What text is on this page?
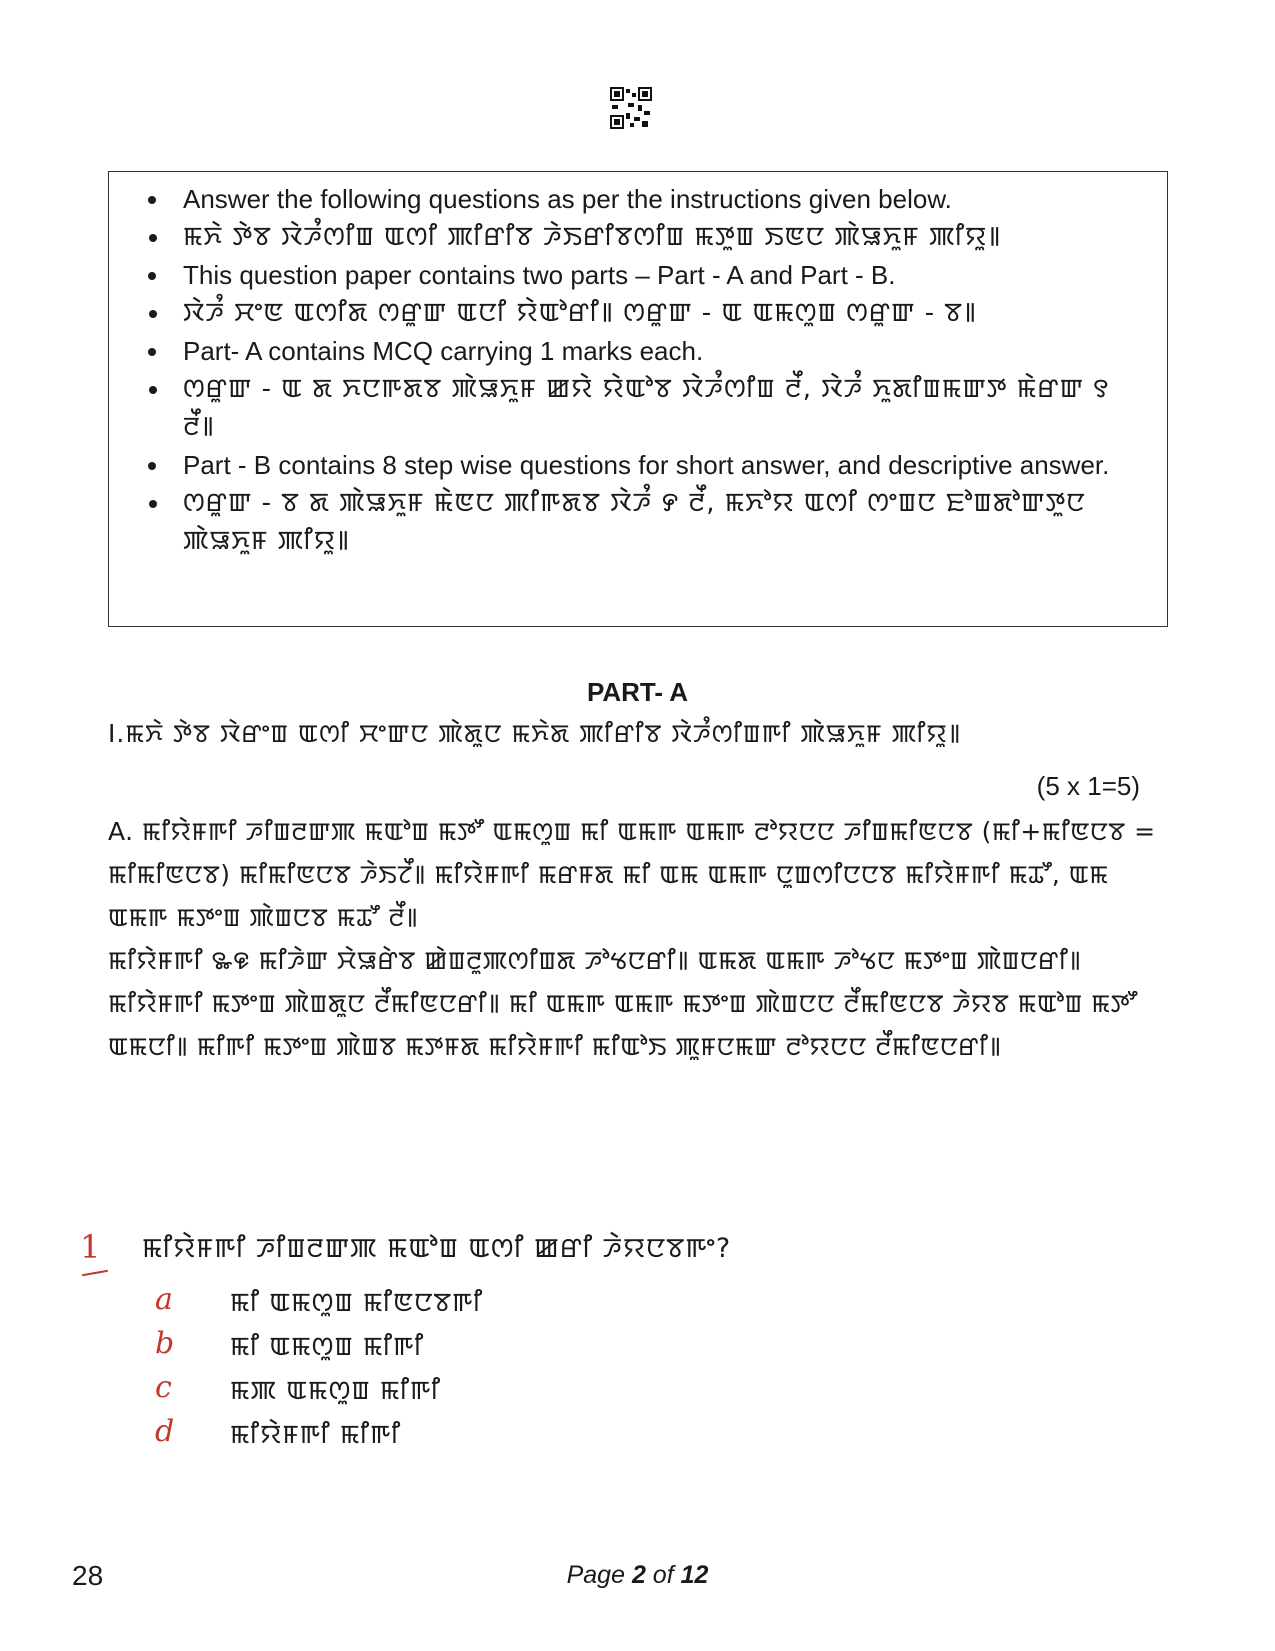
• Answer the following questions as per the instructions given below.
• ꯃꯈꯥ ꯇꯥꯕ ꯋꯥꯍꯪꯁꯤꯡ ꯑꯁꯤ ꯄꯤꯔꯤꯕ ꯍꯥꯏꯔꯤꯕꯁꯤꯡ ꯃꯇꯨꯡ ꯏꯟꯅ ꯄꯥꯎꯈꯨꯝ ꯄꯤꯌꯨ꯫
• This question paper contains two parts – Part - A and Part - B.
• ꯋꯥꯍꯪ ꯆꯦꯟ ꯑꯁꯤꯗ ꯁꯔꯨꯛ ꯑꯅꯤ ꯌꯥꯑꯣꯔꯤ꯫ ꯁꯔꯨꯛ - ꯑ ꯑꯃꯁꯨꯡ ꯁꯔꯨꯛ - ꯕ꯫
• Part- A contains MCQ carrying 1 marks each.
• ꯁꯔꯨꯛ - ꯑ ꯗ ꯈꯅꯒꯗꯕ ꯄꯥꯎꯈꯨꯝ ꯀꯌꯥ ꯌꯥꯑꯣꯕ ꯋꯥꯍꯪꯁꯤꯡ ꯂꯩ, ꯋꯥꯍꯪ ꯈꯨꯗꯤꯡꯃꯛꯇ ꯃꯥꯔꯛ ꯱ ꯂꯩ꯫
• Part - B contains 8 step wise questions for short answer, and descriptive answer.
• ꯁꯔꯨꯛ - ꯕ ꯗ ꯄꯥꯎꯈꯨꯝ ꯃꯥꯟꯅ ꯄꯤꯒꯗꯕ ꯋꯥꯍꯪ ꯸ ꯂꯩ, ꯃꯈꯣꯌ ꯑꯁꯤ ꯁꯦꯡꯅ ꯐꯣꯡꯗꯣꯛꯇꯨꯅ ꯄꯥꯎꯈꯨꯝ ꯄꯤꯌꯨ꯫
PART- A
I.ꯃꯈꯥ ꯇꯥꯕ ꯋꯥꯔꯦꯡ ꯑꯁꯤ ꯆꯦꯛꯅ ꯄꯥꯗꯨꯅ ꯃꯈꯥꯗ ꯄꯤꯔꯤꯕ ꯋꯥꯍꯪꯁꯤꯡꯒꯤ ꯄꯥꯎꯈꯨꯝ ꯄꯤꯌꯨ꯫
(5 x 1=5)

A. ꯃꯤꯌꯥꯝꯒꯤ ꯍꯤꯡꯂꯛꯄ ꯃꯑꯣꯡ ꯃꯇꯧ ꯑꯃꯁꯨꯡ ꯃꯤ ꯑꯃꯒ ꯑꯃꯒ ꯂꯣꯌꯅꯅ ꯍꯤꯡꯃꯤꯟꯅꯕ (ꯃꯤ+ꯃꯤꯟꯅꯕ = ꯃꯤꯃꯤꯟꯅꯕ) ꯃꯤꯃꯤꯟꯅꯕ ꯍꯥꯏꯖꯩ꯫ ꯃꯤꯌꯥꯝꯒꯤ ꯃꯔꯝꯗ ꯃꯤ ꯑꯃ ꯑꯃꯒ ꯅꯨꯡꯁꯤꯅꯅꯕ ꯃꯤꯌꯥꯝꯒꯤ ꯃꯊꯧ, ꯑꯃ ꯑꯃꯒ ꯃꯇꯦꯡ ꯄꯥꯡꯅꯕ ꯃꯊꯧ ꯂꯩ꯫

ꯃꯤꯌꯥꯝꯒꯤ ꯳꯶ ꯃꯤꯍꯥꯛ ꯆꯥꯎꯔꯥꯕ ꯀꯥꯡꯂꯨꯄꯁꯤꯡꯗ ꯍꯣꯠꯅꯔꯤ꯫ ꯑꯃꯗ ꯑꯃꯒ ꯍꯣꯠꯅ ꯃꯇꯦꯡ ꯄꯥꯡꯅꯔꯤ꯫ ꯃꯤꯌꯥꯝꯒꯤ ꯃꯇꯦꯡ ꯄꯥꯡꯗꯨꯅ ꯂꯩꯃꯤꯟꯅꯔꯤ꯫ ꯃꯤ ꯑꯃꯒ ꯑꯃꯒ ꯃꯇꯦꯡ ꯄꯥꯡꯅꯅ ꯂꯩꯃꯤꯟꯅꯕ ꯍꯥꯌꯕ ꯃꯑꯣꯡ ꯃꯇꯧ ꯑꯃꯅꯤ꯫ ꯃꯤꯒꯤ ꯃꯇꯦꯡ ꯄꯥꯡꯕ ꯃꯇꯝꯗ ꯃꯤꯌꯥꯝꯒꯤ ꯃꯤꯑꯣꯏ ꯄꯨꯝꯅꯃꯛ ꯂꯣꯌꯅꯅ ꯂꯩꯃꯤꯟꯅꯔꯤ꯫

1 ꯃꯤꯌꯥꯝꯒꯤ ꯍꯤꯡꯂꯛꯄ ꯃꯑꯣꯡ ꯑꯁꯤ ꯀꯔꯤ ꯍꯥꯌꯅꯕꯒꯦ?
a ꯃꯤ ꯑꯃꯁꯨꯡ ꯃꯤꯟꯅꯕꯒꯤ
b ꯃꯤ ꯑꯃꯁꯨꯡ ꯃꯤꯒꯤ
c ꯃꯄ ꯑꯃꯁꯨꯡ ꯃꯤꯒꯤ
d ꯃꯤꯌꯥꯝꯒꯤ ꯃꯤꯒꯤ
28	Page 2 of 12
